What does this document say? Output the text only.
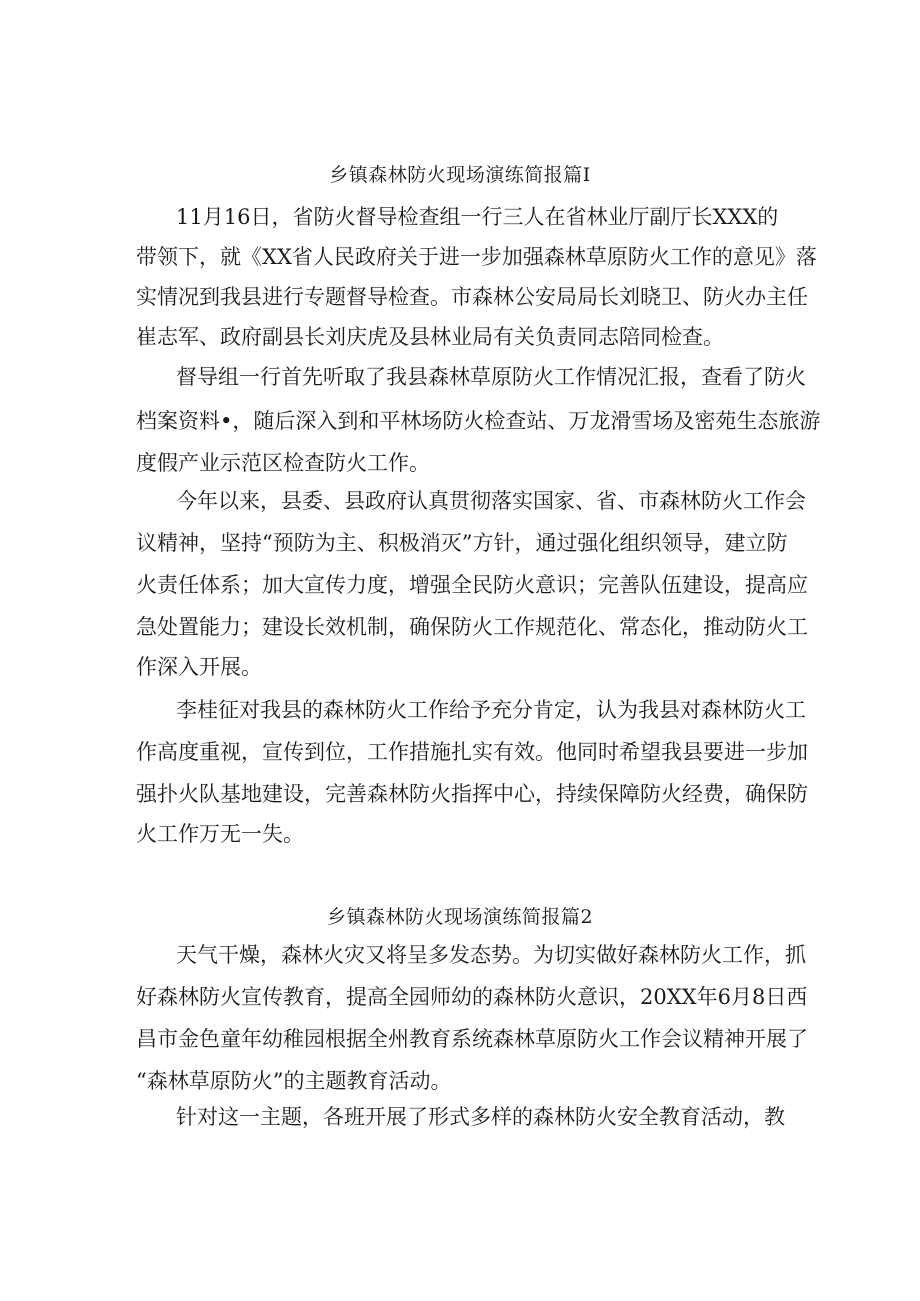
乡镇森林防火现场演练简报篇I
11月16日，省防火督导检查组一行三人在省林业厅副厅长XXX的
带领下，就《XX省人民政府关于进一步加强森林草原防火工作的意见》落
实情况到我县进行专题督导检查。市森林公安局局长刘晓卫、防火办主任
崔志军、政府副县长刘庆虎及县林业局有关负责同志陪同检查。
督导组一行首先听取了我县森林草原防火工作情况汇报，查看了防火
档案资料•，随后深入到和平林场防火检查站、万龙滑雪场及密苑生态旅游
度假产业示范区检查防火工作。
今年以来，县委、县政府认真贯彻落实国家、省、市森林防火工作会
议精神，坚持“预防为主、积极消灭”方针，通过强化组织领导，建立防
火责任体系；加大宣传力度，增强全民防火意识；完善队伍建设，提高应
急处置能力；建设长效机制，确保防火工作规范化、常态化，推动防火工
作深入开展。
李桂征对我县的森林防火工作给予充分肯定，认为我县对森林防火工
作高度重视，宣传到位，工作措施扎实有效。他同时希望我县要进一步加
强扑火队基地建设，完善森林防火指挥中心，持续保障防火经费，确保防
火工作万无一失。
乡镇森林防火现场演练简报篇2
天气干燥，森林火灾又将呈多发态势。为切实做好森林防火工作，抓
好森林防火宣传教育，提高全园师幼的森林防火意识，20XX年6月8日西
昌市金色童年幼稚园根据全州教育系统森林草原防火工作会议精神开展了
“森林草原防火”的主题教育活动。
针对这一主题，各班开展了形式多样的森林防火安全教育活动，教
